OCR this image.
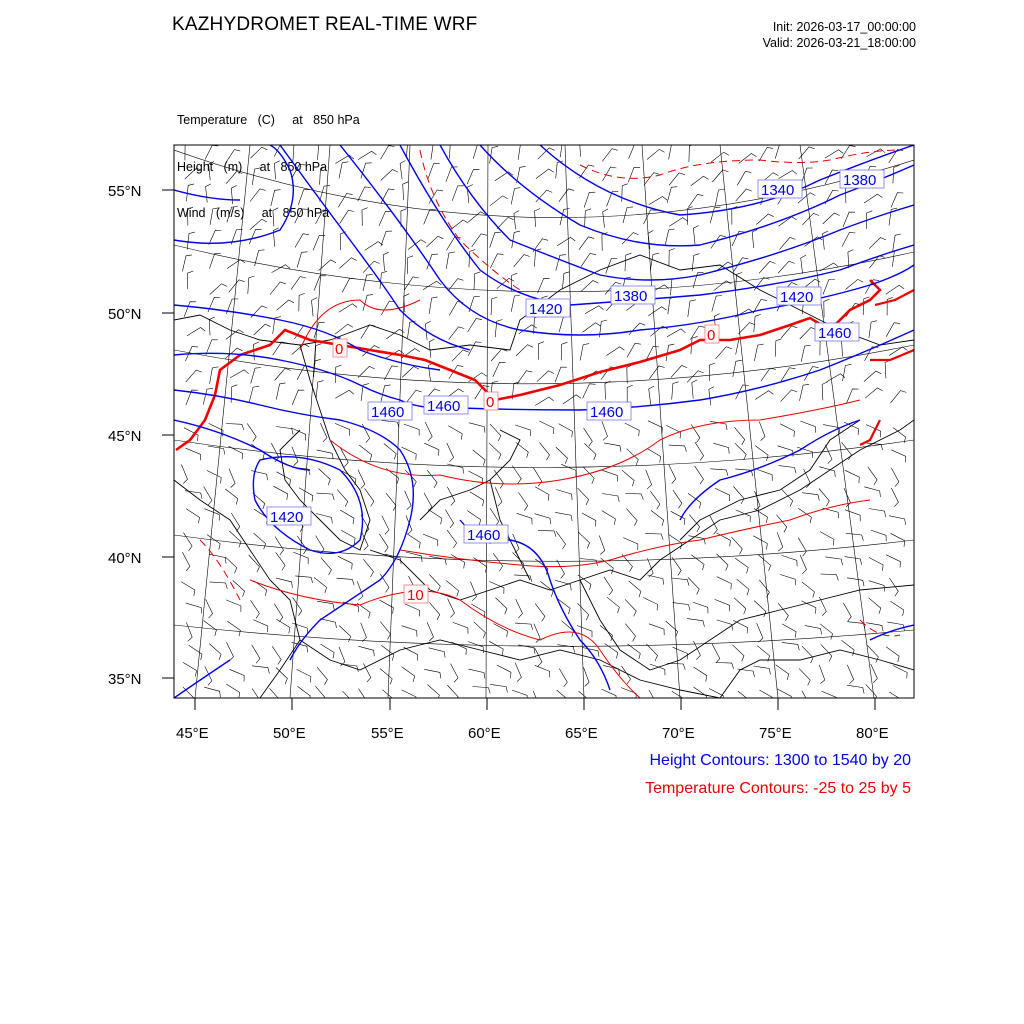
KAZHYDROMET REAL-TIME WRF	Init: 2026-03-17_00:00:00
Valid: 2026-03-21_18:00:00

Temperature   (C)     at   850 hPa

Height   (m)     at   850 hPa

Wind   (m/s)     at   850 hPa

55°N
50°N
45°N
40°N
35°N
45°E	50°E	55°E	60°E	65°E	70°E	75°E	80°E
1340
1380
1420
1380	1420
1460
1460 1460	1460
1420
1460
0
0
0
10
Height Contours: 1300 to 1540 by 20
Temperature Contours: -25 to 25 by 5
